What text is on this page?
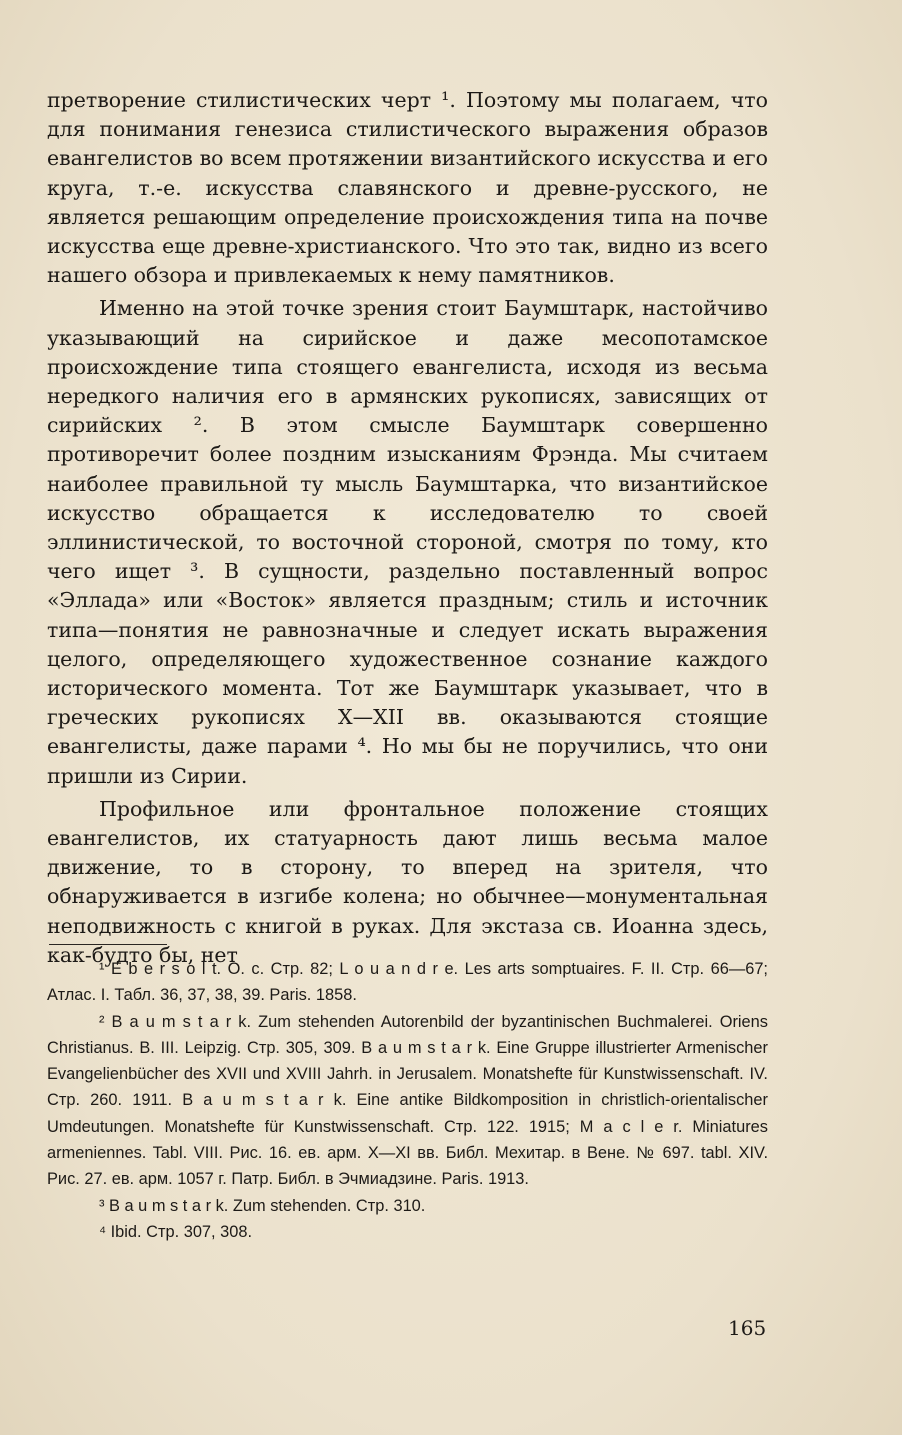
претворение стилистических черт ¹. Поэтому мы полагаем, что для понимания генезиса стилистического выражения образов евангелистов во всем протяжении византийского искусства и его круга, т.-е. искусства славянского и древне-русского, не является решающим определение происхождения типа на почве искусства еще древне-христианского. Что это так, видно из всего нашего обзора и привлекаемых к нему памятников.

Именно на этой точке зрения стоит Баумштарк, настойчиво указывающий на сирийское и даже месопотамское происхождение типа стоящего евангелиста, исходя из весьма нередкого наличия его в армянских рукописях, зависящих от сирийских ². В этом смысле Баумштарк совершенно противоречит более поздним изысканиям Фрэнда. Мы считаем наиболее правильной ту мысль Баумштарка, что византийское искусство обращается к исследователю то своей эллинистической, то восточной стороной, смотря по тому, кто чего ищет ³. В сущности, раздельно поставленный вопрос «Эллада» или «Восток» является праздным; стиль и источник типа—понятия не равнозначные и следует искать выражения целого, определяющего художественное сознание каждого исторического момента. Тот же Баумштарк указывает, что в греческих рукописях X—XII вв. оказываются стоящие евангелисты, даже парами ⁴. Но мы бы не поручились, что они пришли из Сирии.

Профильное или фронтальное положение стоящих евангелистов, их статуарность дают лишь весьма малое движение, то в сторону, то вперед на зрителя, что обнаруживается в изгибе колена; но обычнее—монументальная неподвижность с книгой в руках. Для экстаза св. Иоанна здесь, как-будто бы, нет

¹ E b e r s o l t. O. c. Стр. 82; L o u a n d r e. Les arts somptuaires. F. II. Стр. 66—67; Атлас. I. Табл. 36, 37, 38, 39. Paris. 1858.

² B a u m s t a r k. Zum stehenden Autorenbild der byzantinischen Buchmalerei. Oriens Christianus. B. III. Leipzig. Стр. 305, 309. B a u m s t a r k. Eine Gruppe illustrierter Armenischer Evangelienbücher des XVII und XVIII Jahrh. in Jerusalem. Monatshefte für Kunstwissenschaft. IV. Стр. 260. 1911. B a u m s t a r k. Eine antike Bildkomposition in christlich-orientalischer Umdeutungen. Monatshefte für Kunstwissenschaft. Стр. 122. 1915; M a c l e r. Miniatures armeniennes. Tabl. VIII. Рис. 16. ев. арм. X—XI вв. Библ. Мехитар. в Вене. № 697. tabl. XIV. Рис. 27. ев. арм. 1057 г. Патр. Библ. в Эчмиадзине. Paris. 1913.

³ B a u m s t a r k. Zum stehenden. Стр. 310.

⁴ Ibid. Стр. 307, 308.

165
